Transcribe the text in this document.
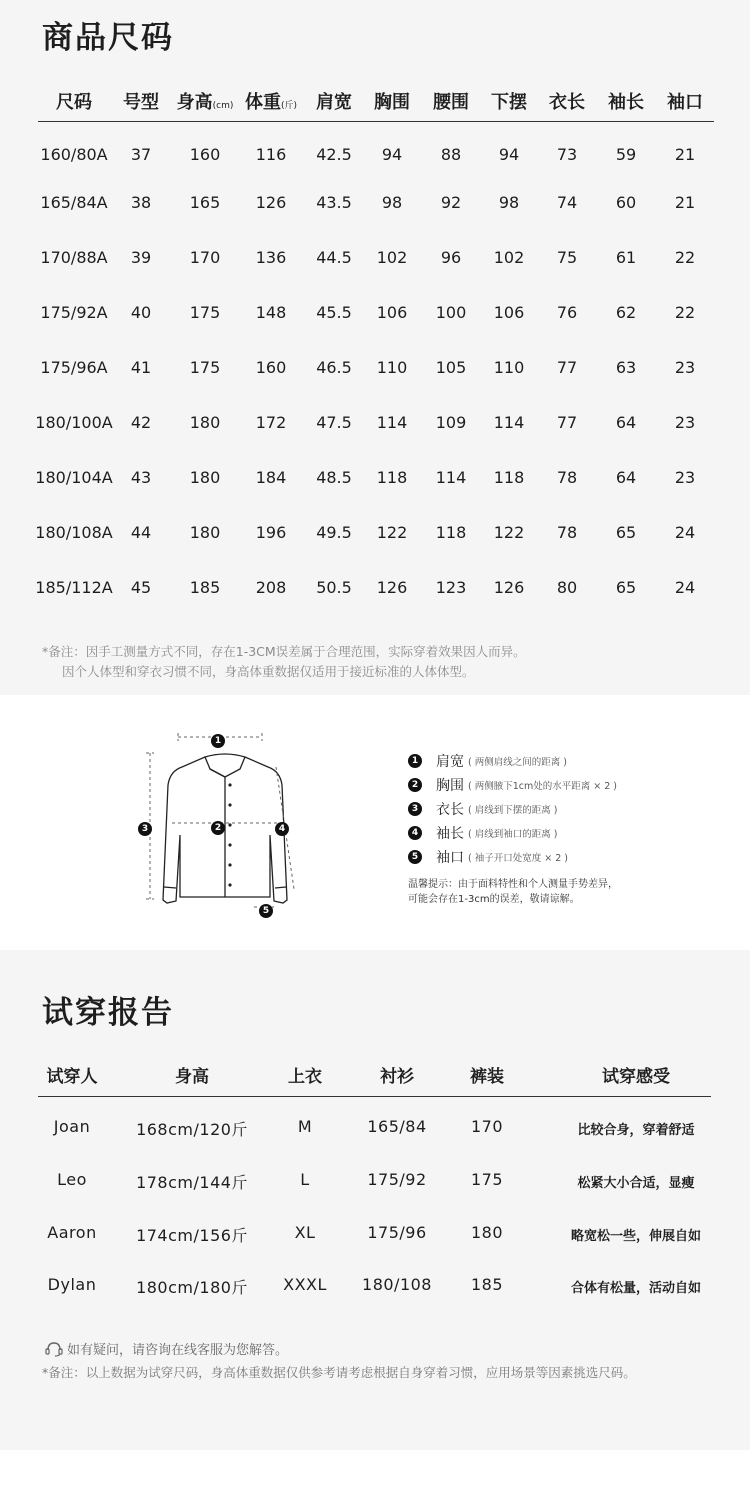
商品尺码
尺码 号型 身高(cm) 体重(斤) 肩宽 胸围 腰围 下摆 衣长 袖长 袖口
160/80A 37 160 116 42.5 94 88 94 73 59 21
165/84A 38 165 126 43.5 98 92 98 74 60 21
170/88A 39 170 136 44.5 102 96 102 75 61 22
175/92A 40 175 148 45.5 106 100 106 76 62 22
175/96A 41 175 160 46.5 110 105 110 77 63 23
180/100A 42 180 172 47.5 114 109 114 77 64 23
180/104A 43 180 184 48.5 118 114 118 78 64 23
180/108A 44 180 196 49.5 122 118 122 78 65 24
185/112A 45 185 208 50.5 126 123 126 80 65 24
*备注：因手工测量方式不同，存在1-3CM误差属于合理范围，实际穿着效果因人而异。
因个人体型和穿衣习惯不同，身高体重数据仅适用于接近标准的人体体型。
1
2
3	4
5
1 肩宽 ( 两侧肩线之间的距离 )
2 胸围 ( 两侧腋下1cm处的水平距离 × 2 )
3 衣长 ( 肩线到下摆的距离 )
4 袖长 ( 肩线到袖口的距离 )
5 袖口 ( 袖子开口处宽度 × 2 )
温馨提示：由于面料特性和个人测量手势差异，
可能会存在1-3cm的误差，敬请谅解。
试穿报告
试穿人	身高	上衣	衬衫	裤装	试穿感受
Joan	168cm/120斤	M	165/84	170	比较合身，穿着舒适
Leo	178cm/144斤	L	175/92	175	松紧大小合适，显瘦
Aaron 174cm/156斤	XL	175/96	180	略宽松一些，伸展自如
Dylan 180cm/180斤 XXXL 180/108 185	合体有松量，活动自如
如有疑问，请咨询在线客服为您解答。
*备注：以上数据为试穿尺码，身高体重数据仅供参考请考虑根据自身穿着习惯，应用场景等因素挑选尺码。
